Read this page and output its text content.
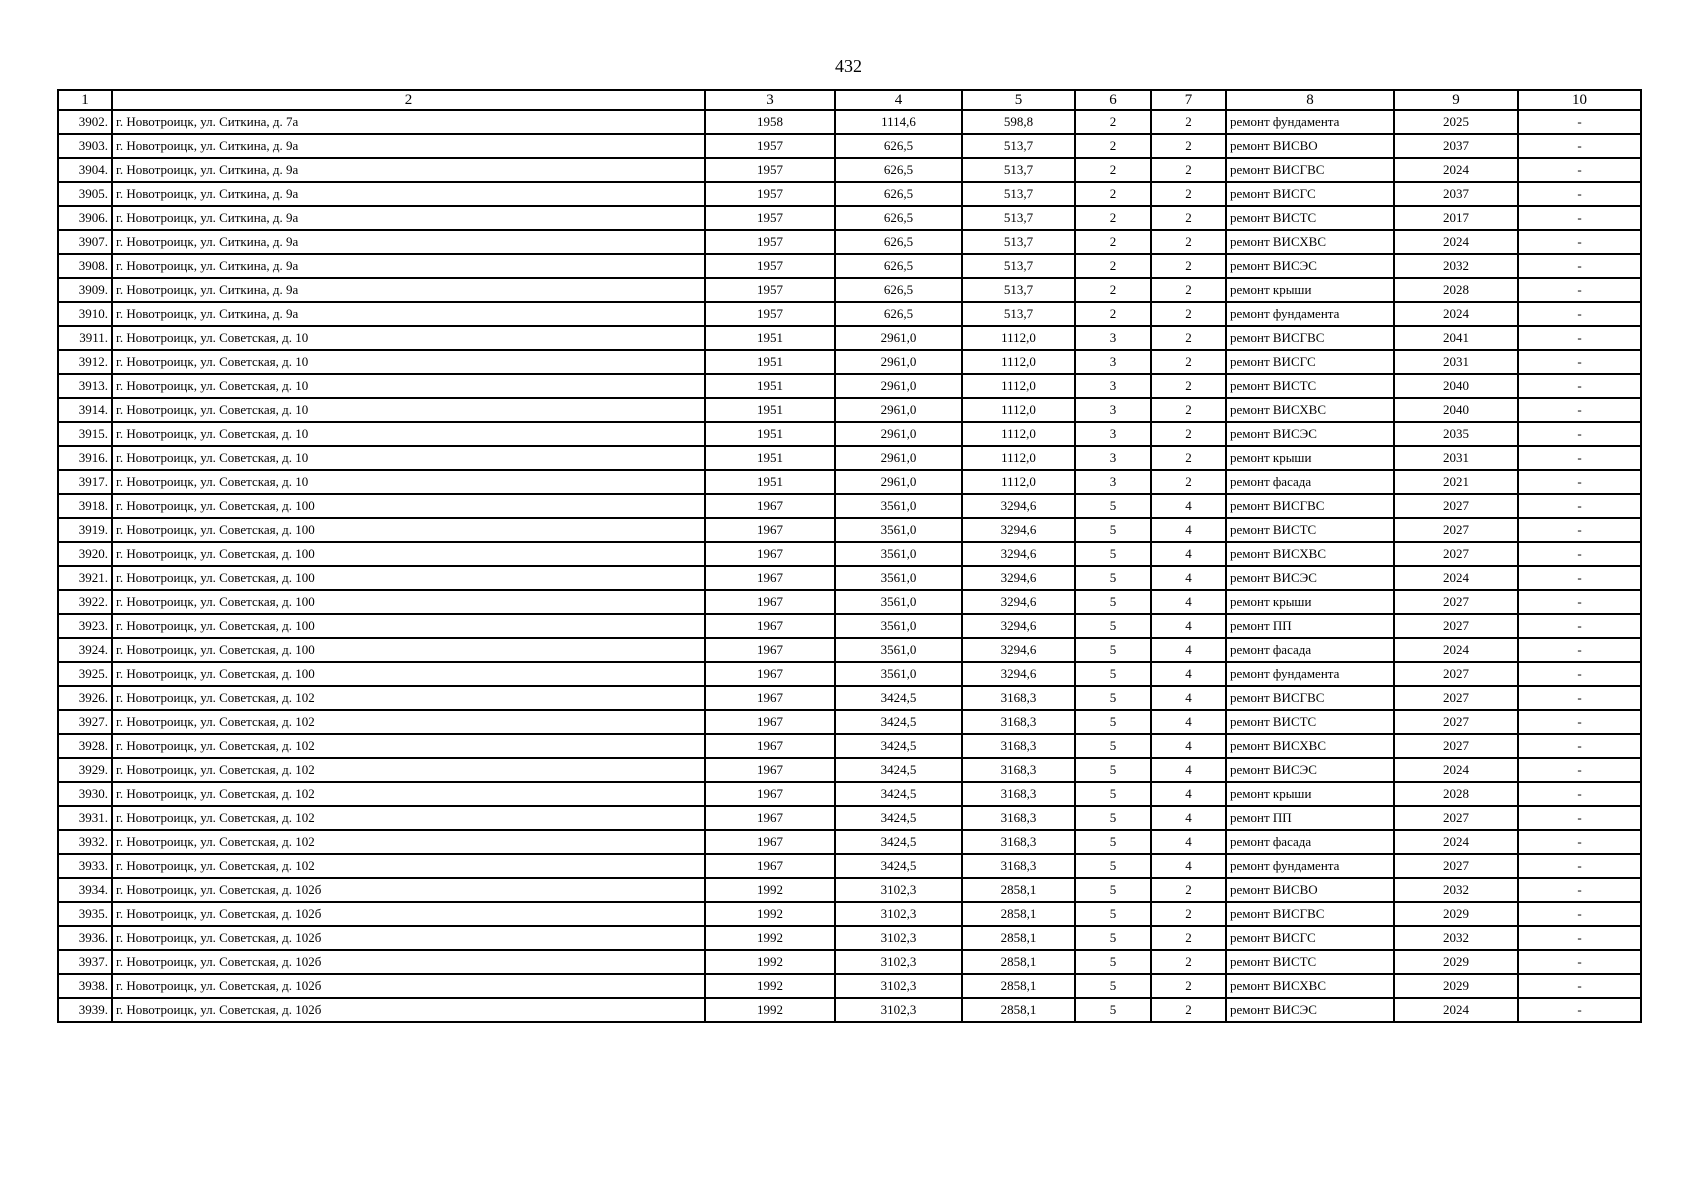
432
1	2	3	4	5	6	7	8	9	10
3902.	г. Новотроицк, ул. Ситкина, д. 7а	1958	1114,6	598,8	2	2	ремонт фундамента	2025	-
3903.	г. Новотроицк, ул. Ситкина, д. 9а	1957	626,5	513,7	2	2	ремонт ВИСВО	2037	-
3904.	г. Новотроицк, ул. Ситкина, д. 9а	1957	626,5	513,7	2	2	ремонт ВИСГВС	2024	-
3905.	г. Новотроицк, ул. Ситкина, д. 9а	1957	626,5	513,7	2	2	ремонт ВИСГС	2037	-
3906.	г. Новотроицк, ул. Ситкина, д. 9а	1957	626,5	513,7	2	2	ремонт ВИСТС	2017	-
3907.	г. Новотроицк, ул. Ситкина, д. 9а	1957	626,5	513,7	2	2	ремонт ВИСХВС	2024	-
3908.	г. Новотроицк, ул. Ситкина, д. 9а	1957	626,5	513,7	2	2	ремонт ВИСЭС	2032	-
3909.	г. Новотроицк, ул. Ситкина, д. 9а	1957	626,5	513,7	2	2	ремонт крыши	2028	-
3910.	г. Новотроицк, ул. Ситкина, д. 9а	1957	626,5	513,7	2	2	ремонт фундамента	2024	-
3911.	г. Новотроицк, ул. Советская, д. 10	1951	2961,0	1112,0	3	2	ремонт ВИСГВС	2041	-
3912.	г. Новотроицк, ул. Советская, д. 10	1951	2961,0	1112,0	3	2	ремонт ВИСГС	2031	-
3913.	г. Новотроицк, ул. Советская, д. 10	1951	2961,0	1112,0	3	2	ремонт ВИСТС	2040	-
3914.	г. Новотроицк, ул. Советская, д. 10	1951	2961,0	1112,0	3	2	ремонт ВИСХВС	2040	-
3915.	г. Новотроицк, ул. Советская, д. 10	1951	2961,0	1112,0	3	2	ремонт ВИСЭС	2035	-
3916.	г. Новотроицк, ул. Советская, д. 10	1951	2961,0	1112,0	3	2	ремонт крыши	2031	-
3917.	г. Новотроицк, ул. Советская, д. 10	1951	2961,0	1112,0	3	2	ремонт фасада	2021	-
3918.	г. Новотроицк, ул. Советская, д. 100	1967	3561,0	3294,6	5	4	ремонт ВИСГВС	2027	-
3919.	г. Новотроицк, ул. Советская, д. 100	1967	3561,0	3294,6	5	4	ремонт ВИСТС	2027	-
3920.	г. Новотроицк, ул. Советская, д. 100	1967	3561,0	3294,6	5	4	ремонт ВИСХВС	2027	-
3921.	г. Новотроицк, ул. Советская, д. 100	1967	3561,0	3294,6	5	4	ремонт ВИСЭС	2024	-
3922.	г. Новотроицк, ул. Советская, д. 100	1967	3561,0	3294,6	5	4	ремонт крыши	2027	-
3923.	г. Новотроицк, ул. Советская, д. 100	1967	3561,0	3294,6	5	4	ремонт ПП	2027	-
3924.	г. Новотроицк, ул. Советская, д. 100	1967	3561,0	3294,6	5	4	ремонт фасада	2024	-
3925.	г. Новотроицк, ул. Советская, д. 100	1967	3561,0	3294,6	5	4	ремонт фундамента	2027	-
3926.	г. Новотроицк, ул. Советская, д. 102	1967	3424,5	3168,3	5	4	ремонт ВИСГВС	2027	-
3927.	г. Новотроицк, ул. Советская, д. 102	1967	3424,5	3168,3	5	4	ремонт ВИСТС	2027	-
3928.	г. Новотроицк, ул. Советская, д. 102	1967	3424,5	3168,3	5	4	ремонт ВИСХВС	2027	-
3929.	г. Новотроицк, ул. Советская, д. 102	1967	3424,5	3168,3	5	4	ремонт ВИСЭС	2024	-
3930.	г. Новотроицк, ул. Советская, д. 102	1967	3424,5	3168,3	5	4	ремонт крыши	2028	-
3931.	г. Новотроицк, ул. Советская, д. 102	1967	3424,5	3168,3	5	4	ремонт ПП	2027	-
3932.	г. Новотроицк, ул. Советская, д. 102	1967	3424,5	3168,3	5	4	ремонт фасада	2024	-
3933.	г. Новотроицк, ул. Советская, д. 102	1967	3424,5	3168,3	5	4	ремонт фундамента	2027	-
3934.	г. Новотроицк, ул. Советская, д. 102б	1992	3102,3	2858,1	5	2	ремонт ВИСВО	2032	-
3935.	г. Новотроицк, ул. Советская, д. 102б	1992	3102,3	2858,1	5	2	ремонт ВИСГВС	2029	-
3936.	г. Новотроицк, ул. Советская, д. 102б	1992	3102,3	2858,1	5	2	ремонт ВИСГС	2032	-
3937.	г. Новотроицк, ул. Советская, д. 102б	1992	3102,3	2858,1	5	2	ремонт ВИСТС	2029	-
3938.	г. Новотроицк, ул. Советская, д. 102б	1992	3102,3	2858,1	5	2	ремонт ВИСХВС	2029	-
3939.	г. Новотроицк, ул. Советская, д. 102б	1992	3102,3	2858,1	5	2	ремонт ВИСЭС	2024	-
